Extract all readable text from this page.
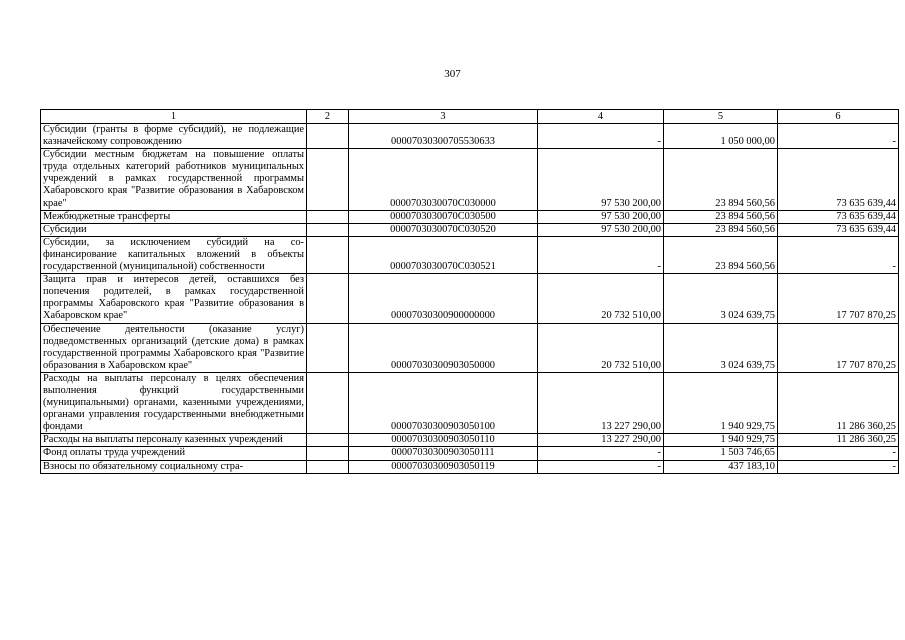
307
1	2	3	4	5	6
Субсидии (гранты в форме субсидий), не подлежащие казначейскому сопровождению		00007030300705530633	-	1 050 000,00	-
Субсидии местным бюджетам на повышение оплаты труда отдельных категорий работников муниципальных учреждений в рамках государственной программы Хабаровского края "Развитие образования в Хабаровском крае"		0000703030070C030000	97 530 200,00	23 894 560,56	73 635 639,44
Межбюджетные трансферты		0000703030070C030500	97 530 200,00	23 894 560,56	73 635 639,44
Субсидии		0000703030070C030520	97 530 200,00	23 894 560,56	73 635 639,44
Субсидии, за исключением субсидий на софинансирование капитальных вложений в объекты государственной (муниципальной) собственности		0000703030070C030521	-	23 894 560,56	-
Защита прав и интересов детей, оставшихся без попечения родителей, в рамках государственной программы Хабаровского края "Развитие образования в Хабаровском крае"		00007030300900000000	20 732 510,00	3 024 639,75	17 707 870,25
Обеспечение деятельности (оказание услуг) подведомственных организаций (детские дома) в рамках государственной программы Хабаровского края "Развитие образования в Хабаровском крае"		00007030300903050000	20 732 510,00	3 024 639,75	17 707 870,25
Расходы на выплаты персоналу в целях обеспечения выполнения функций государственными (муниципальными) органами, казенными учреждениями, органами управления государственными внебюджетными фондами		00007030300903050100	13 227 290,00	1 940 929,75	11 286 360,25
Расходы на выплаты персоналу казенных учреждений		00007030300903050110	13 227 290,00	1 940 929,75	11 286 360,25
Фонд оплаты труда учреждений		00007030300903050111	-	1 503 746,65	-
Взносы по обязательному социальному стра-		00007030300903050119	-	437 183,10	-
